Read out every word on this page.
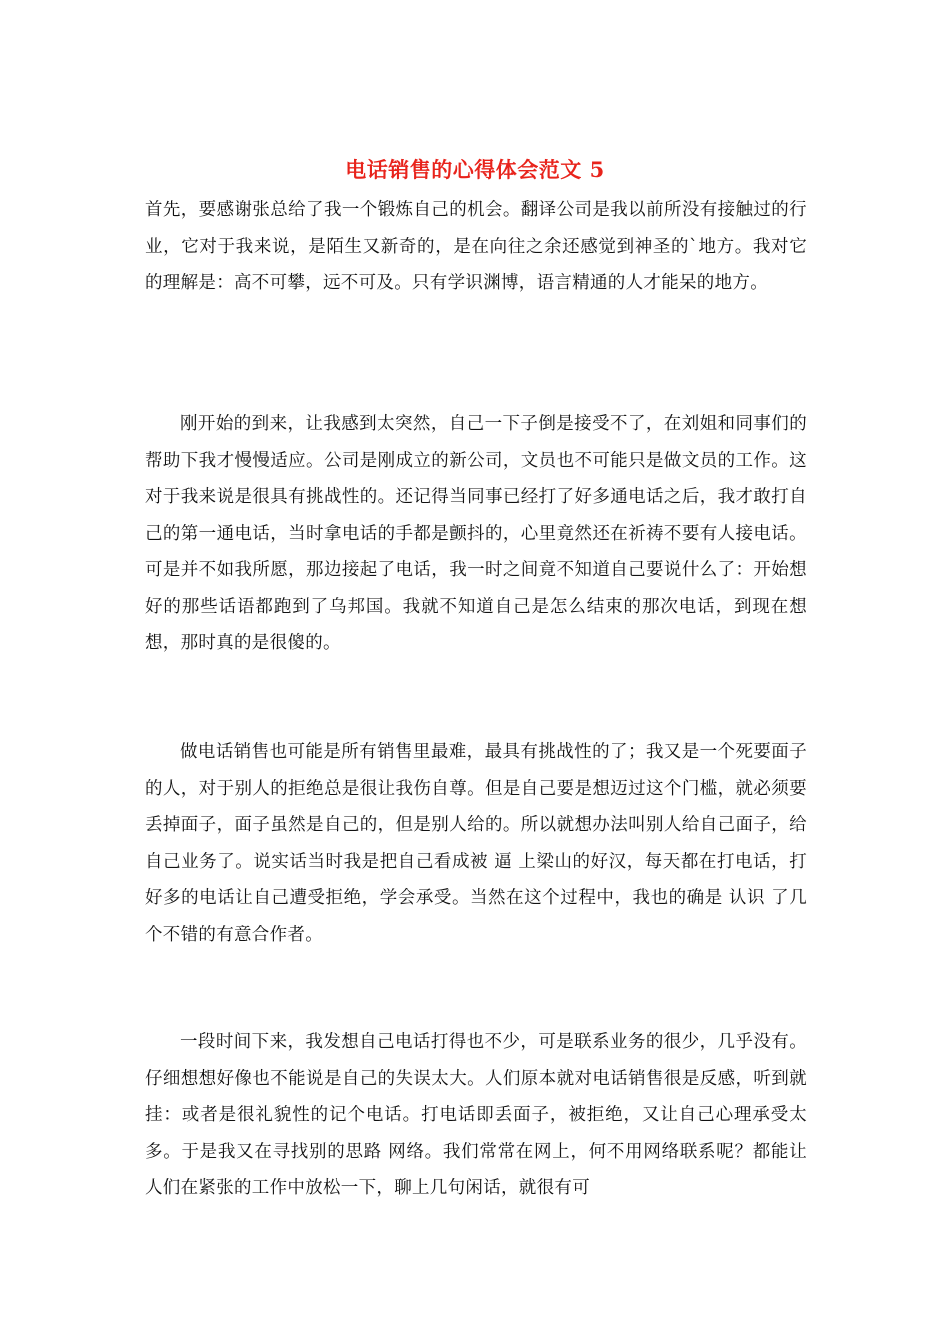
电话销售的心得体会范文 5

首先，要感谢张总给了我一个锻炼自己的机会。翻译公司是我以前所没有接触过的行业，它对于我来说，是陌生又新奇的，是在向往之余还感觉到神圣的`地方。我对它的理解是：高不可攀，远不可及。只有学识渊博，语言精通的人才能呆的地方。

刚开始的到来，让我感到太突然，自己一下子倒是接受不了，在刘姐和同事们的帮助下我才慢慢适应。公司是刚成立的新公司，文员也不可能只是做文员的工作。这对于我来说是很具有挑战性的。还记得当同事已经打了好多通电话之后，我才敢打自己的第一通电话，当时拿电话的手都是颤抖的，心里竟然还在祈祷不要有人接电话。可是并不如我所愿，那边接起了电话，我一时之间竟不知道自己要说什么了：开始想好的那些话语都跑到了乌邦国。我就不知道自己是怎么结束的那次电话，到现在想想，那时真的是很傻的。

做电话销售也可能是所有销售里最难，最具有挑战性的了；我又是一个死要面子的人，对于别人的拒绝总是很让我伤自尊。但是自己要是想迈过这个门槛，就必须要丢掉面子，面子虽然是自己的，但是别人给的。所以就想办法叫别人给自己面子，给自己业务了。说实话当时我是把自己看成被 逼 上梁山的好汉，每天都在打电话，打好多的电话让自己遭受拒绝，学会承受。当然在这个过程中，我也的确是 认识 了几个不错的有意合作者。

一段时间下来，我发想自己电话打得也不少，可是联系业务的很少，几乎没有。仔细想想好像也不能说是自己的失误太大。人们原本就对电话销售很是反感，听到就挂：或者是很礼貌性的记个电话。打电话即丢面子，被拒绝，又让自己心理承受太多。于是我又在寻找别的思路 网络。我们常常在网上，何不用网络联系呢？都能让人们在紧张的工作中放松一下，聊上几句闲话，就很有可
